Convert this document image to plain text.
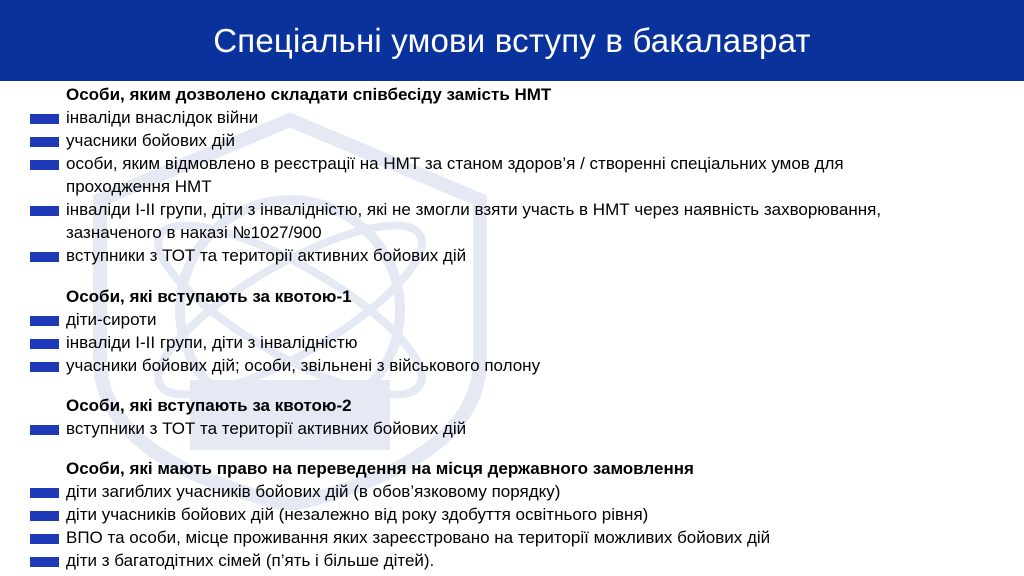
Спеціальні умови вступу в бакалаврат
Особи, яким дозволено складати співбесіду замість НМТ
інваліди внаслідок війни
учасники бойових дій
особи, яким відмовлено в реєстрації на НМТ за станом здоров’я / створенні спеціальних умов для
проходження НМТ
інваліди I-II групи, діти з інвалідністю, які не змогли взяти участь в НМТ через наявність захворювання,
зазначеного в наказі №1027/900
вступники з ТОТ та території активних бойових дій
Особи, які вступають за квотою-1
діти-сироти
інваліди I-II групи, діти з інвалідністю
учасники бойових дій; особи, звільнені з військового полону
Особи, які вступають за квотою-2
вступники з ТОТ та території активних бойових дій
Особи, які мають право на переведення на місця державного замовлення
діти загиблих учасників бойових дій (в обов’язковому порядку)
діти учасників бойових дій (незалежно від року здобуття освітнього рівня)
ВПО та особи, місце проживання яких зареєстровано на території можливих бойових дій
діти з багатодітних сімей (п’ять і більше дітей).
